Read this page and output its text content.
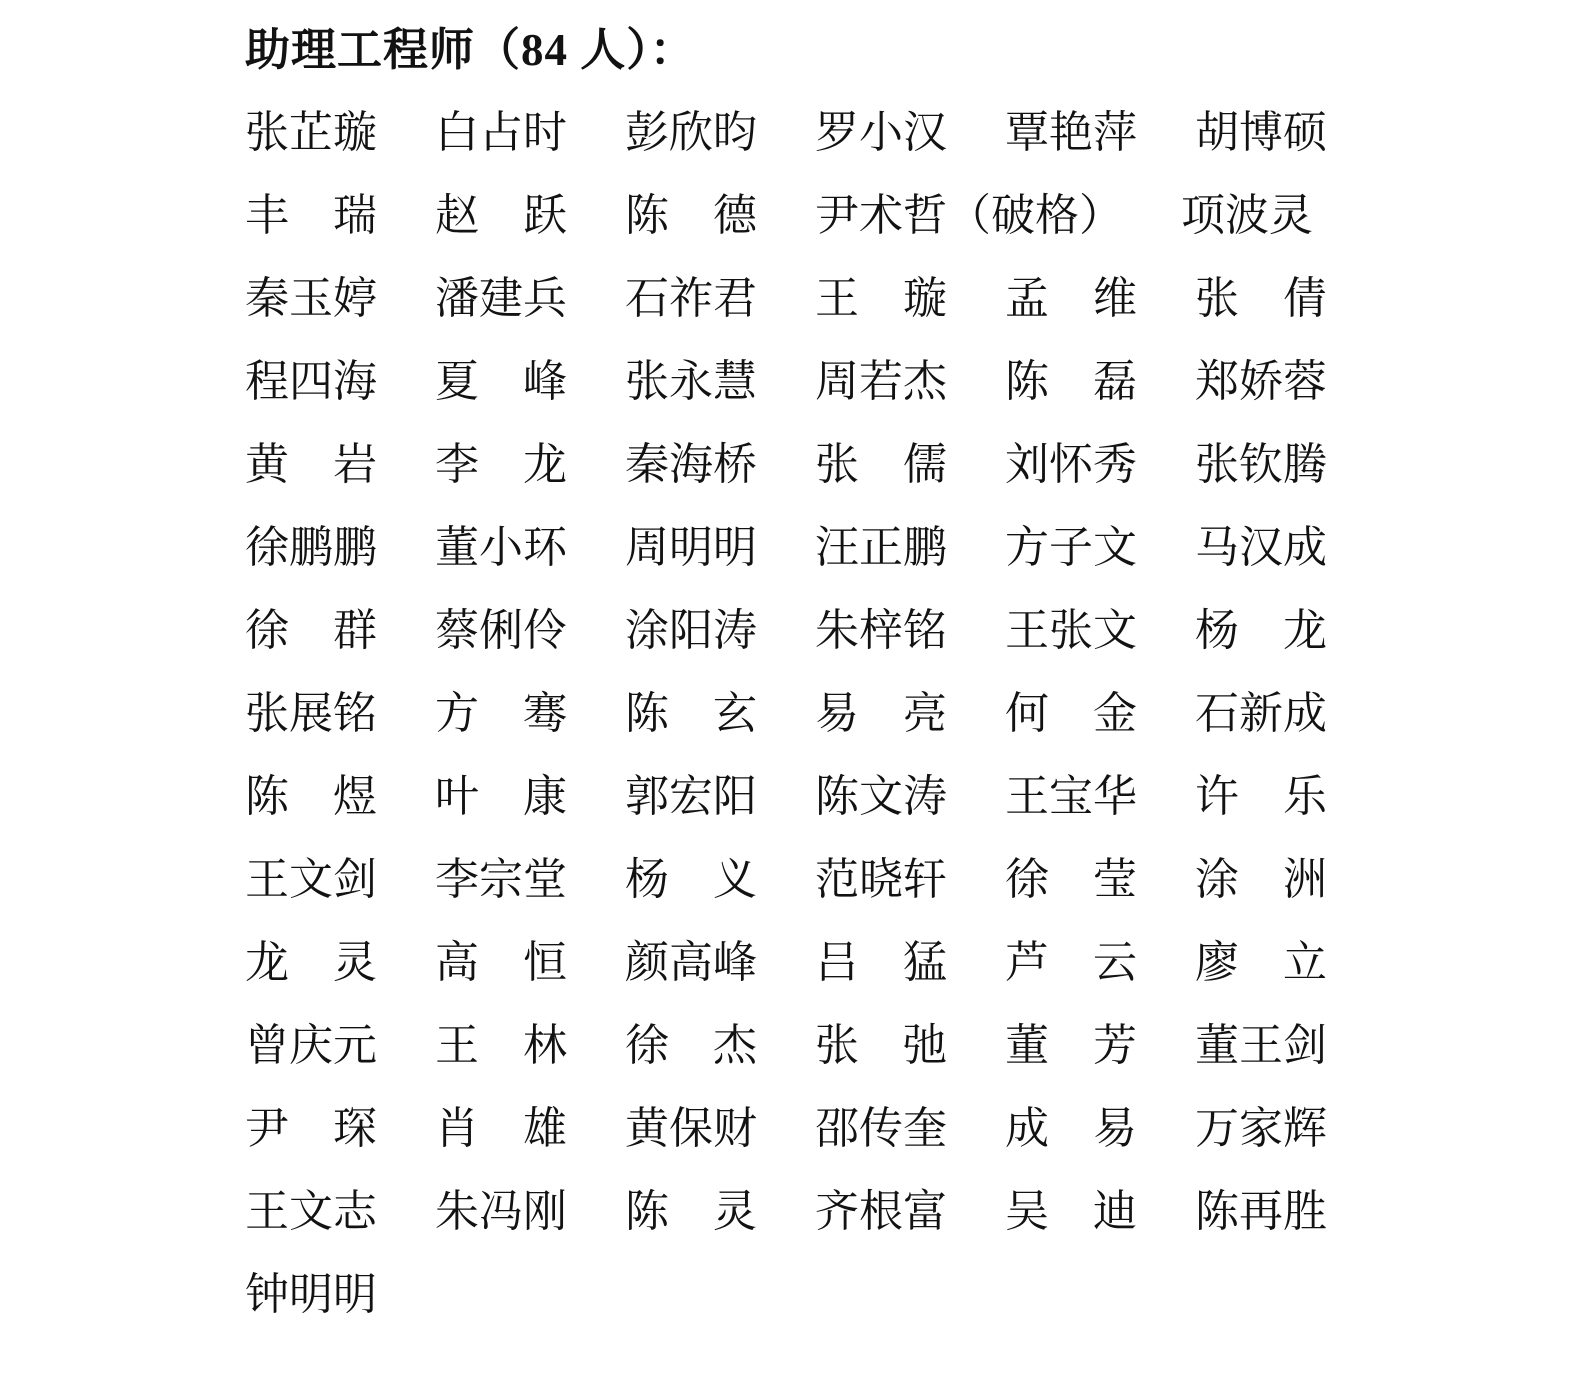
助理工程师（84 人）：
张芷璇 白占时 彭欣昀 罗小汉 覃艳萍 胡博硕
丰　瑞 赵　跃 陈　德 尹术哲（破格） 项波灵
秦玉婷 潘建兵 石祚君 王　璇 孟　维 张　倩
程四海 夏　峰 张永慧 周若杰 陈　磊 郑娇蓉
黄　岩 李　龙 秦海桥 张　儒 刘怀秀 张钦腾
徐鹏鹏 董小环 周明明 汪正鹏 方子文 马汉成
徐　群 蔡俐伶 涂阳涛 朱梓铭 王张文 杨　龙
张展铭 方　骞 陈　玄 易　亮 何　金 石新成
陈　煜 叶　康 郭宏阳 陈文涛 王宝华 许　乐
王文剑 李宗堂 杨　义 范晓轩 徐　莹 涂　洲
龙　灵 高　恒 颜高峰 吕　猛 芦　云 廖　立
曾庆元 王　林 徐　杰 张　弛 董　芳 董王剑
尹　琛 肖　雄 黄保财 邵传奎 成　易 万家辉
王文志 朱冯刚 陈　灵 齐根富 吴　迪 陈再胜
钟明明
